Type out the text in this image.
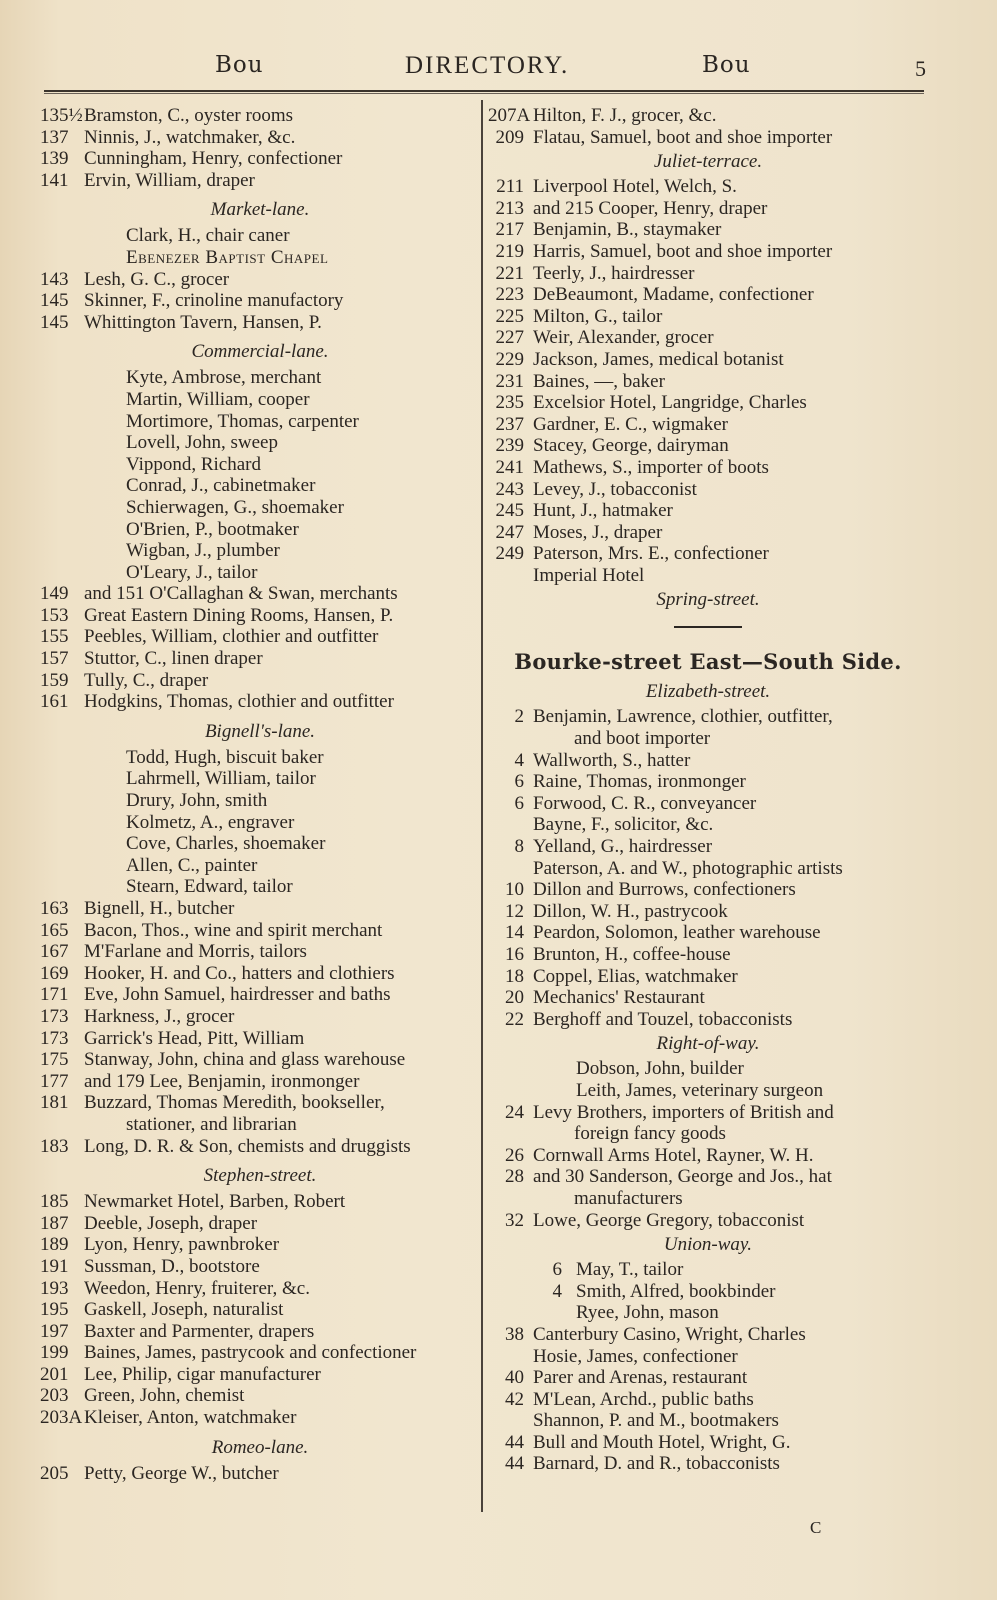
Bou	DIRECTORY.	Bou	5
135½ Bramston, C., oyster rooms
137 Ninnis, J., watchmaker, &c.
139 Cunningham, Henry, confectioner
141 Ervin, William, draper
Market-lane.
Clark, H., chair caner
Ebenezer Baptist Chapel
143 Lesh, G. C., grocer
145 Skinner, F., crinoline manufactory
145 Whittington Tavern, Hansen, P.
Commercial-lane.
Kyte, Ambrose, merchant
Martin, William, cooper
Mortimore, Thomas, carpenter
Lovell, John, sweep
Vippond, Richard
Conrad, J., cabinetmaker
Schierwagen, G., shoemaker
O'Brien, P., bootmaker
Wigban, J., plumber
O'Leary, J., tailor
149 and 151 O'Callaghan & Swan, merchants
153 Great Eastern Dining Rooms, Hansen, P.
155 Peebles, William, clothier and outfitter
157 Stuttor, C., linen draper
159 Tully, C., draper
161 Hodgkins, Thomas, clothier and outfitter
Bignell's-lane.
Todd, Hugh, biscuit baker
Lahrmell, William, tailor
Drury, John, smith
Kolmetz, A., engraver
Cove, Charles, shoemaker
Allen, C., painter
Stearn, Edward, tailor
163 Bignell, H., butcher
165 Bacon, Thos., wine and spirit merchant
167 M'Farlane and Morris, tailors
169 Hooker, H. and Co., hatters and clothiers
171 Eve, John Samuel, hairdresser and baths
173 Harkness, J., grocer
173 Garrick's Head, Pitt, William
175 Stanway, John, china and glass warehouse
177 and 179 Lee, Benjamin, ironmonger
181 Buzzard, Thomas Meredith, bookseller,
stationer, and librarian
183 Long, D. R. & Son, chemists and druggists
Stephen-street.
185 Newmarket Hotel, Barben, Robert
187 Deeble, Joseph, draper
189 Lyon, Henry, pawnbroker
191 Sussman, D., bootstore
193 Weedon, Henry, fruiterer, &c.
195 Gaskell, Joseph, naturalist
197 Baxter and Parmenter, drapers
199 Baines, James, pastrycook and confectioner
201 Lee, Philip, cigar manufacturer
203 Green, John, chemist
203A Kleiser, Anton, watchmaker
Romeo-lane.
205 Petty, George W., butcher
207A Hilton, F. J., grocer, &c.
209 Flatau, Samuel, boot and shoe importer
Juliet-terrace.
211 Liverpool Hotel, Welch, S.
213 and 215 Cooper, Henry, draper
217 Benjamin, B., staymaker
219 Harris, Samuel, boot and shoe importer
221 Teerly, J., hairdresser
223 DeBeaumont, Madame, confectioner
225 Milton, G., tailor
227 Weir, Alexander, grocer
229 Jackson, James, medical botanist
231 Baines, —, baker
235 Excelsior Hotel, Langridge, Charles
237 Gardner, E. C., wigmaker
239 Stacey, George, dairyman
241 Mathews, S., importer of boots
243 Levey, J., tobacconist
245 Hunt, J., hatmaker
247 Moses, J., draper
249 Paterson, Mrs. E., confectioner
Imperial Hotel
Spring-street.
Bourke-street East—South Side.
Elizabeth-street.
2 Benjamin, Lawrence, clothier, outfitter,
and boot importer
4 Wallworth, S., hatter
6 Raine, Thomas, ironmonger
6 Forwood, C. R., conveyancer
Bayne, F., solicitor, &c.
8 Yelland, G., hairdresser
Paterson, A. and W., photographic artists
10 Dillon and Burrows, confectioners
12 Dillon, W. H., pastrycook
14 Peardon, Solomon, leather warehouse
16 Brunton, H., coffee-house
18 Coppel, Elias, watchmaker
20 Mechanics' Restaurant
22 Berghoff and Touzel, tobacconists
Right-of-way.
Dobson, John, builder
Leith, James, veterinary surgeon
24 Levy Brothers, importers of British and
foreign fancy goods
26 Cornwall Arms Hotel, Rayner, W. H.
28 and 30 Sanderson, George and Jos., hat
manufacturers
32 Lowe, George Gregory, tobacconist
Union-way.
6 May, T., tailor
4 Smith, Alfred, bookbinder
Ryee, John, mason
38 Canterbury Casino, Wright, Charles
Hosie, James, confectioner
40 Parer and Arenas, restaurant
42 M'Lean, Archd., public baths
Shannon, P. and M., bootmakers
44 Bull and Mouth Hotel, Wright, G.
44 Barnard, D. and R., tobacconists
C
